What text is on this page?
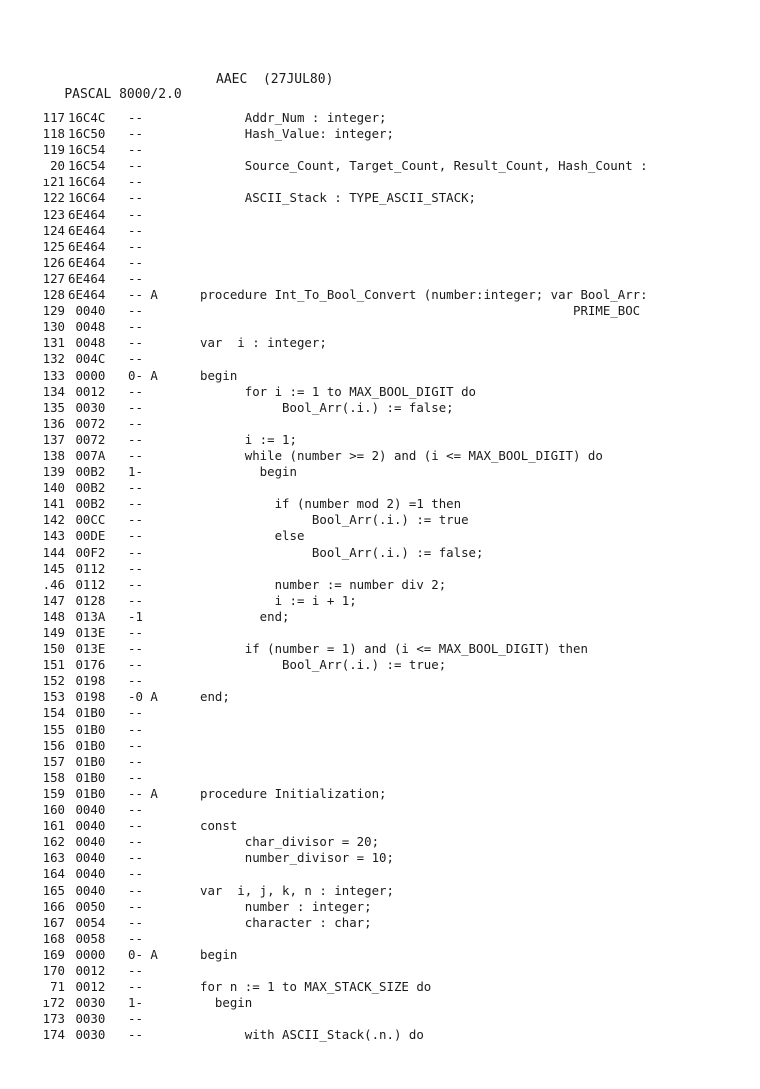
PASCAL 8000/2.0

AAEC  (27JUL80)

117 16C4C --	Addr_Num : integer;
118 16C50 --	Hash_Value: integer;
119 16C54 --
20 16C54 --	Source_Count, Target_Count, Result_Count, Hash_Count :
ı21 16C64 --
122 16C64 --	ASCII_Stack : TYPE_ASCII_STACK;
123 6E464 --
124 6E464 --
125 6E464 --
126 6E464 --
127 6E464 --
128 6E464 -- A	procedure Int_To_Bool_Convert (number:integer; var Bool_Arr:
129 0040 --	PRIME_BOC
130 0048 --
131 0048 --	var  i : integer;
132 004C --
133 0000 0- A	begin
134 0012 --	for i := 1 to MAX_BOOL_DIGIT do
135 0030 --	Bool_Arr(.i.) := false;
136 0072 --
137 0072 --	i := 1;
138 007A --	while (number >= 2) and (i <= MAX_BOOL_DIGIT) do
139 00B2 1-	begin
140 00B2 --
141 00B2 --	if (number mod 2) =1 then
142 00CC --	Bool_Arr(.i.) := true
143 00DE --	else
144 00F2 --	Bool_Arr(.i.) := false;
145 0112 --
.46 0112 --	number := number div 2;
147 0128 --	i := i + 1;
148 013A -1	end;
149 013E --
150 013E --	if (number = 1) and (i <= MAX_BOOL_DIGIT) then
151 0176 --	Bool_Arr(.i.) := true;
152 0198 --
153 0198 -0 A	end;
154 01B0 --
155 01B0 --
156 01B0 --
157 01B0 --
158 01B0 --
159 01B0 -- A	procedure Initialization;
160 0040 --
161 0040 --	const
162 0040 --	char_divisor = 20;
163 0040 --	number_divisor = 10;
164 0040 --
165 0040 --	var  i, j, k, n : integer;
166 0050 --	number : integer;
167 0054 --	character : char;
168 0058 --
169 0000 0- A	begin
170 0012 --
71 0012 --	for n := 1 to MAX_STACK_SIZE do
ı72 0030 1-	begin
173 0030 --
174 0030 --	with ASCII_Stack(.n.) do
